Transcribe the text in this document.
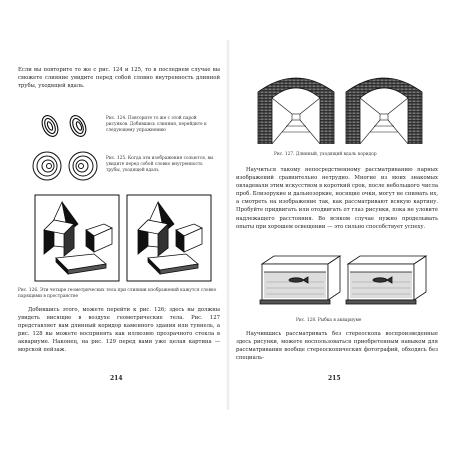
Если вы повторите то же с рис. 124 и 125, то в последнем случае вы сможете слияние увидите перед собой словно внутренность длинной трубы, уходящей вдаль.

Рис. 124. Повторите то же с этой парой рисунков. Добившись слияния, перейдите к следующему упражнению

Рис. 125. Когда эти изображения сольются, вы увидите перед собой словно внутренность трубы, уходящей вдаль

Рис. 126. Эти четыре геометрических тела при слиянии изображений кажутся словно парящими в пространстве

Добившись этого, можете перейти к рис. 126; здесь вы должны увидеть висящие в воздухе геометрические тела. Рис. 127 представляет вам длинный коридор каменного здания или туннель, а рис. 128 вы можете воспринять как иллюзию прозрачного стекла в аквариуме. Наконец, на рис. 129 перед вами уже целая картина — морской пейзаж.

214

Рис. 127. Длинный, уходящий вдаль коридор

Научиться такому непосредственному рассматриванию парных изображений сравнительно нетрудно. Многие из моих знакомых овладевали этим искусством в короткий срок, после небольшого числа проб. Близорукие и дальнозоркие, носящие очки, могут не снимать их, а смотреть на изображение так, как рассматривают всякую картину. Пробуйте придвигать или отодвигать от глаз рисунки, пока не уловите надлежащего расстояния. Во всяком случае нужно проделывать опыты при хорошем освещении — это сильно способствует успеху.

Рис. 128. Рыбка в аквариуме

Научившись рассматривать без стереоскопа воспроизведенные здесь рисунки, можете воспользоваться приобретенным навыком для рассматривания вообще стереоскопических фотографий, обходясь без специаль-

215
